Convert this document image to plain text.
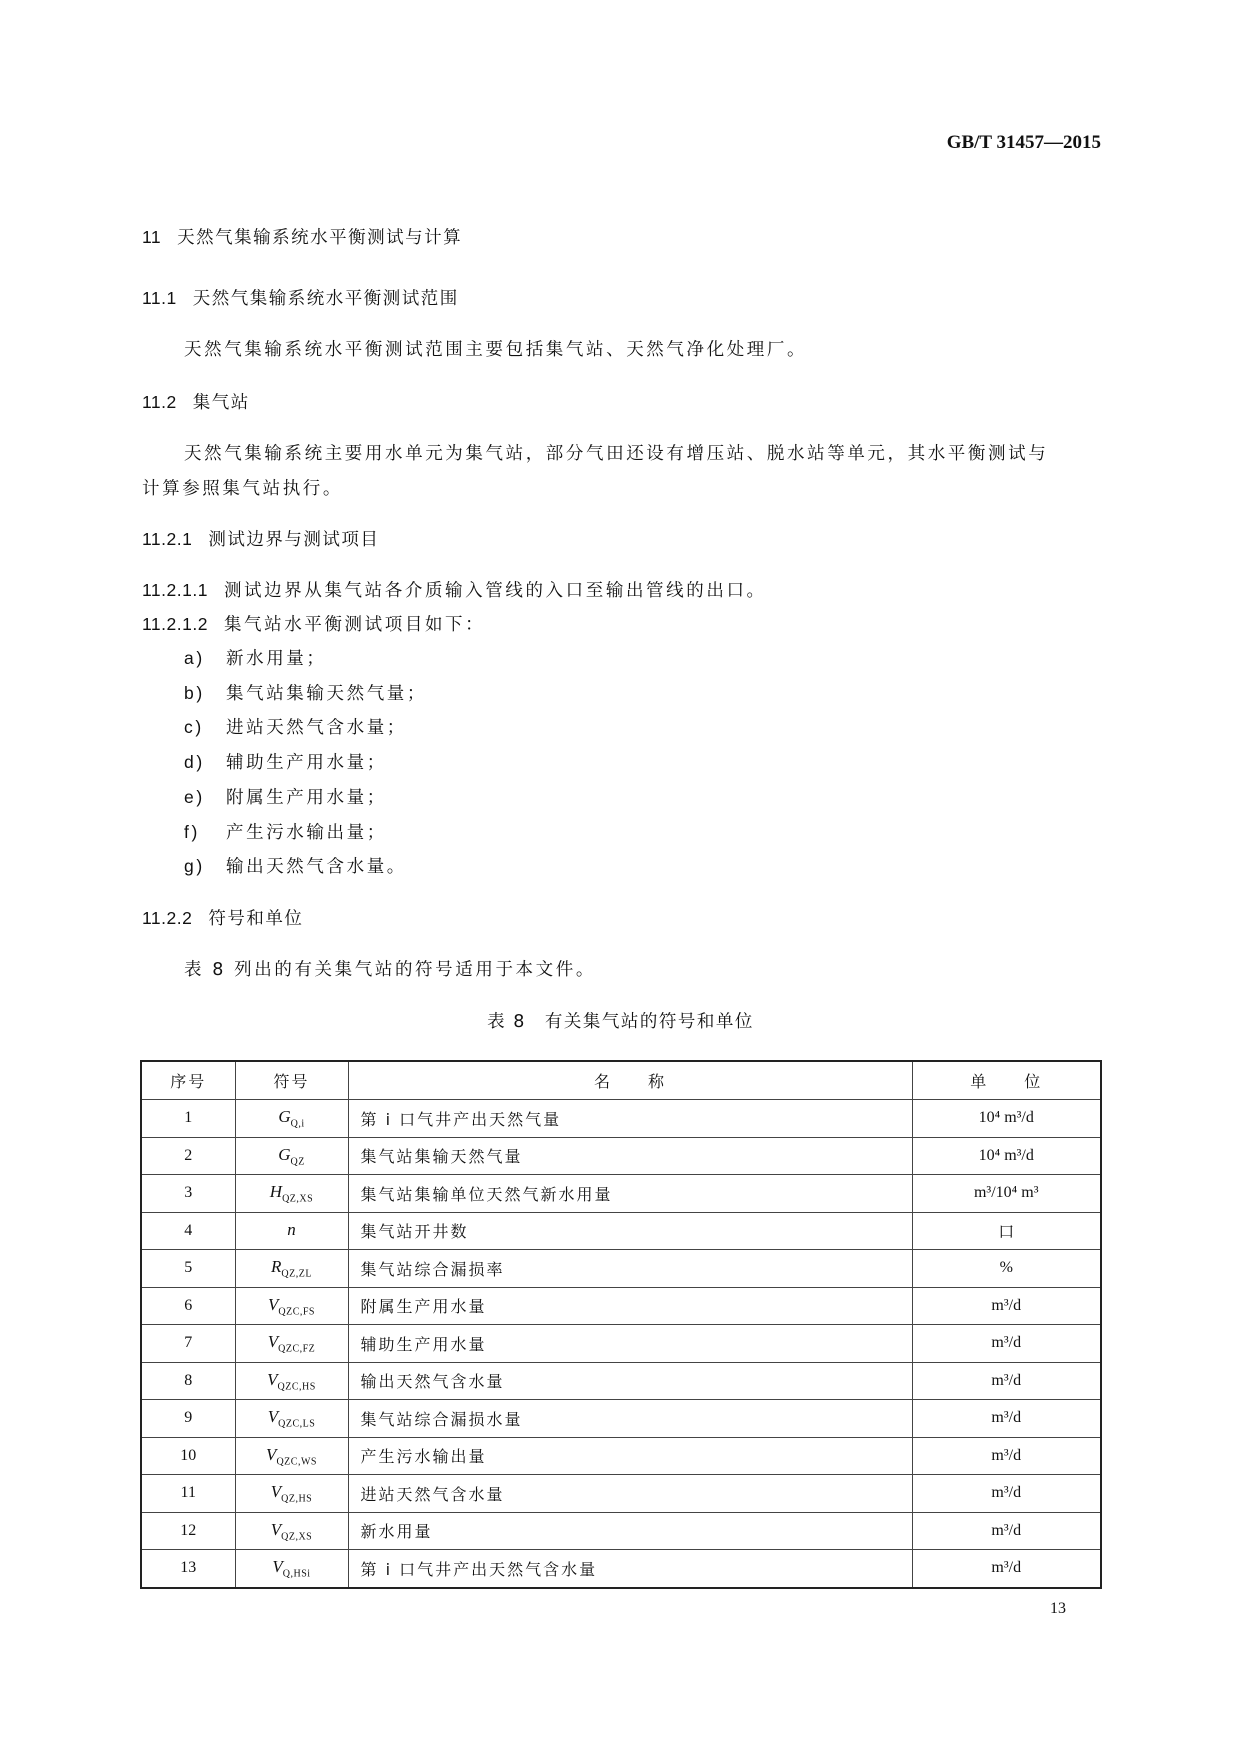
GB/T 31457—2015
11 天然气集输系统水平衡测试与计算
11.1 天然气集输系统水平衡测试范围
天然气集输系统水平衡测试范围主要包括集气站、天然气净化处理厂。
11.2 集气站
天然气集输系统主要用水单元为集气站，部分气田还设有增压站、脱水站等单元，其水平衡测试与
计算参照集气站执行。
11.2.1 测试边界与测试项目
11.2.1.1 测试边界从集气站各介质输入管线的入口至输出管线的出口。
11.2.1.2 集气站水平衡测试项目如下：
a) 新水用量；
b) 集气站集输天然气量；
c) 进站天然气含水量；
d) 辅助生产用水量；
e) 附属生产用水量；
f) 产生污水输出量；
g) 输出天然气含水量。
11.2.2 符号和单位
表 8 列出的有关集气站的符号适用于本文件。
表 8　有关集气站的符号和单位
序号	符号	名　　称	单　　位
1	$G_{Q,i}$	第 i 口气井产出天然气量	10⁴ m³/d
2	$G_{QZ}$	集气站集输天然气量	10⁴ m³/d
3	$H_{QZ,XS}$	集气站集输单位天然气新水用量	m³/10⁴ m³
4	n	集气站开井数	口
5	$R_{QZ,ZL}$	集气站综合漏损率	%
6	$V_{QZC,FS}$	附属生产用水量	m³/d
7	$V_{QZC,FZ}$	辅助生产用水量	m³/d
8	$V_{QZC,HS}$	输出天然气含水量	m³/d
9	$V_{QZC,LS}$	集气站综合漏损水量	m³/d
10	$V_{QZC,WS}$	产生污水输出量	m³/d
11	$V_{QZ,HS}$	进站天然气含水量	m³/d
12	$V_{QZ,XS}$	新水用量	m³/d
13	$V_{Q,HSi}$	第 i 口气井产出天然气含水量	m³/d
13
